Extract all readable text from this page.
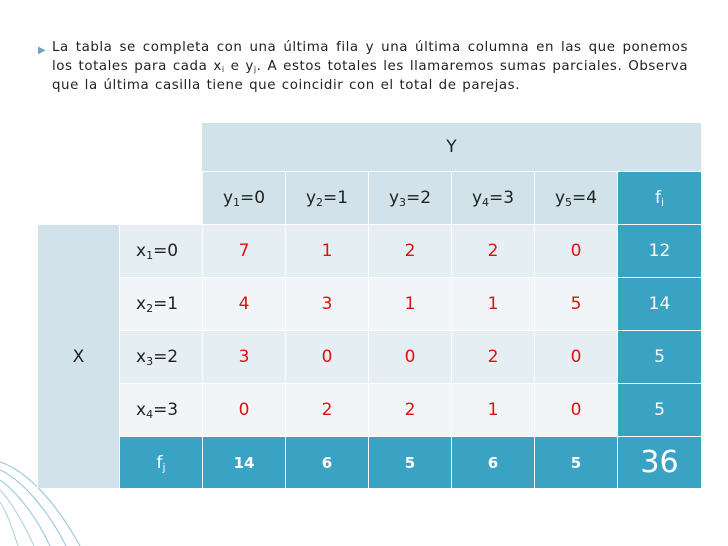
▶ La tabla se completa con una última fila y una última columna en las que ponemos los totales para cada $x_i$ e $y_j$. A estos totales les llamaremos sumas parciales. Observa que la última casilla tiene que coincidir con el total de parejas.
		Y					
		$y_1=0$	$y_2=1$	$y_3=2$	$y_4=3$	$y_5=4$	$f_i$
X	$x_1=0$	7	1	2	2	0	12
	$x_2=1$	4	3	1	1	5	14
	$x_3=2$	3	0	0	2	0	5
	$x_4=3$	0	2	2	1	0	5
	$f_j$	14	6	5	6	5	36
